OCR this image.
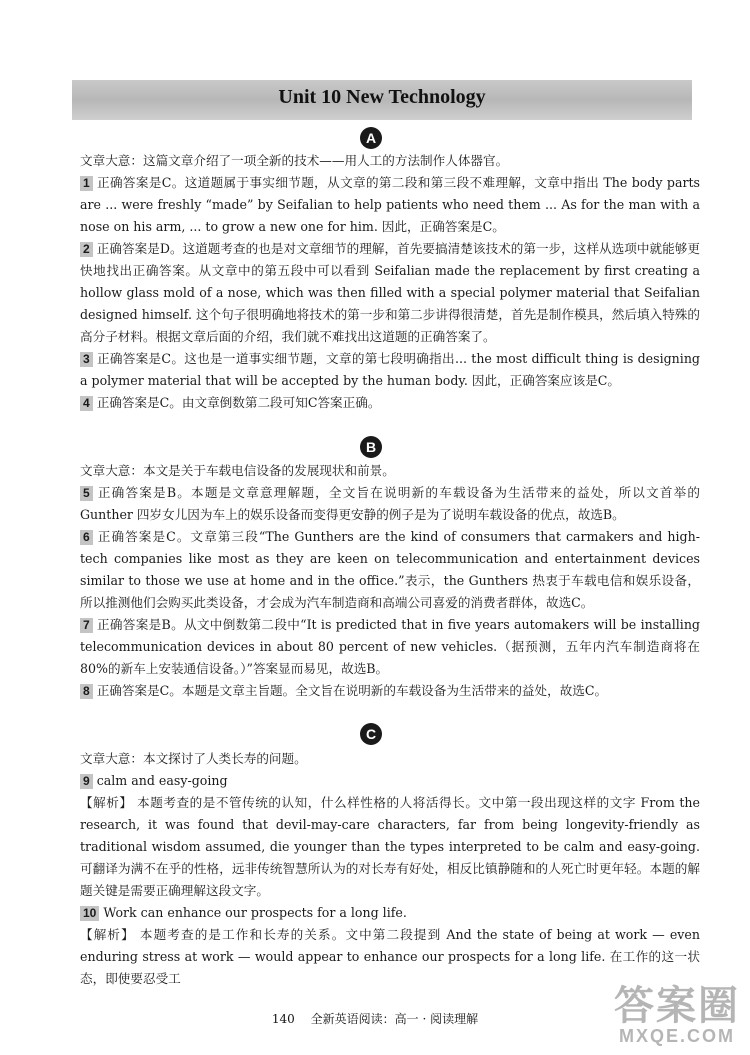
Unit 10 New Technology
A

文章大意：这篇文章介绍了一项全新的技术——用人工的方法制作人体器官。

1 正确答案是C。这道题属于事实细节题，从文章的第二段和第三段不难理解，文章中指出 The body parts are ... were freshly “made” by Seifalian to help patients who need them ... As for the man with a nose on his arm, ... to grow a new one for him. 因此，正确答案是C。

2 正确答案是D。这道题考查的也是对文章细节的理解，首先要搞清楚该技术的第一步，这样从选项中就能够更快地找出正确答案。从文章中的第五段中可以看到 Seifalian made the replacement by first creating a hollow glass mold of a nose, which was then filled with a special polymer material that Seifalian designed himself. 这个句子很明确地将技术的第一步和第二步讲得很清楚，首先是制作模具，然后填入特殊的高分子材料。根据文章后面的介绍，我们就不难找出这道题的正确答案了。

3 正确答案是C。这也是一道事实细节题，文章的第七段明确指出... the most difficult thing is designing a polymer material that will be accepted by the human body. 因此，正确答案应该是C。

4 正确答案是C。由文章倒数第二段可知C答案正确。

B

文章大意：本文是关于车载电信设备的发展现状和前景。

5 正确答案是B。本题是文章意理解题，全文旨在说明新的车载设备为生活带来的益处，所以文首举的 Gunther 四岁女儿因为车上的娱乐设备而变得更安静的例子是为了说明车载设备的优点，故选B。

6 正确答案是C。文章第三段“The Gunthers are the kind of consumers that carmakers and high-tech companies like most as they are keen on telecommunication and entertainment devices similar to those we use at home and in the office.”表示，the Gunthers 热衷于车载电信和娱乐设备，所以推测他们会购买此类设备，才会成为汽车制造商和高端公司喜爱的消费者群体，故选C。

7 正确答案是B。从文中倒数第二段中“It is predicted that in five years automakers will be installing telecommunication devices in about 80 percent of new vehicles.（据预测，五年内汽车制造商将在80%的新车上安装通信设备。）”答案显而易见，故选B。

8 正确答案是C。本题是文章主旨题。全文旨在说明新的车载设备为生活带来的益处，故选C。

C

文章大意：本文探讨了人类长寿的问题。

9 calm and easy-going

【解析】 本题考查的是不管传统的认知，什么样性格的人将活得长。文中第一段出现这样的文字 From the research, it was found that devil-may-care characters, far from being longevity-friendly as traditional wisdom assumed, die younger than the types interpreted to be calm and easy-going. 可翻译为满不在乎的性格，远非传统智慧所认为的对长寿有好处，相反比镇静随和的人死亡时更年轻。本题的解题关键是需要正确理解这段文字。

10 Work can enhance our prospects for a long life.

【解析】 本题考查的是工作和长寿的关系。文中第二段提到 And the state of being at work — even enduring stress at work — would appear to enhance our prospects for a long life. 在工作的这一状态，即使要忍受工

140 全新英语阅读：高一 · 阅读理解	答案圈
MXQE.COM
